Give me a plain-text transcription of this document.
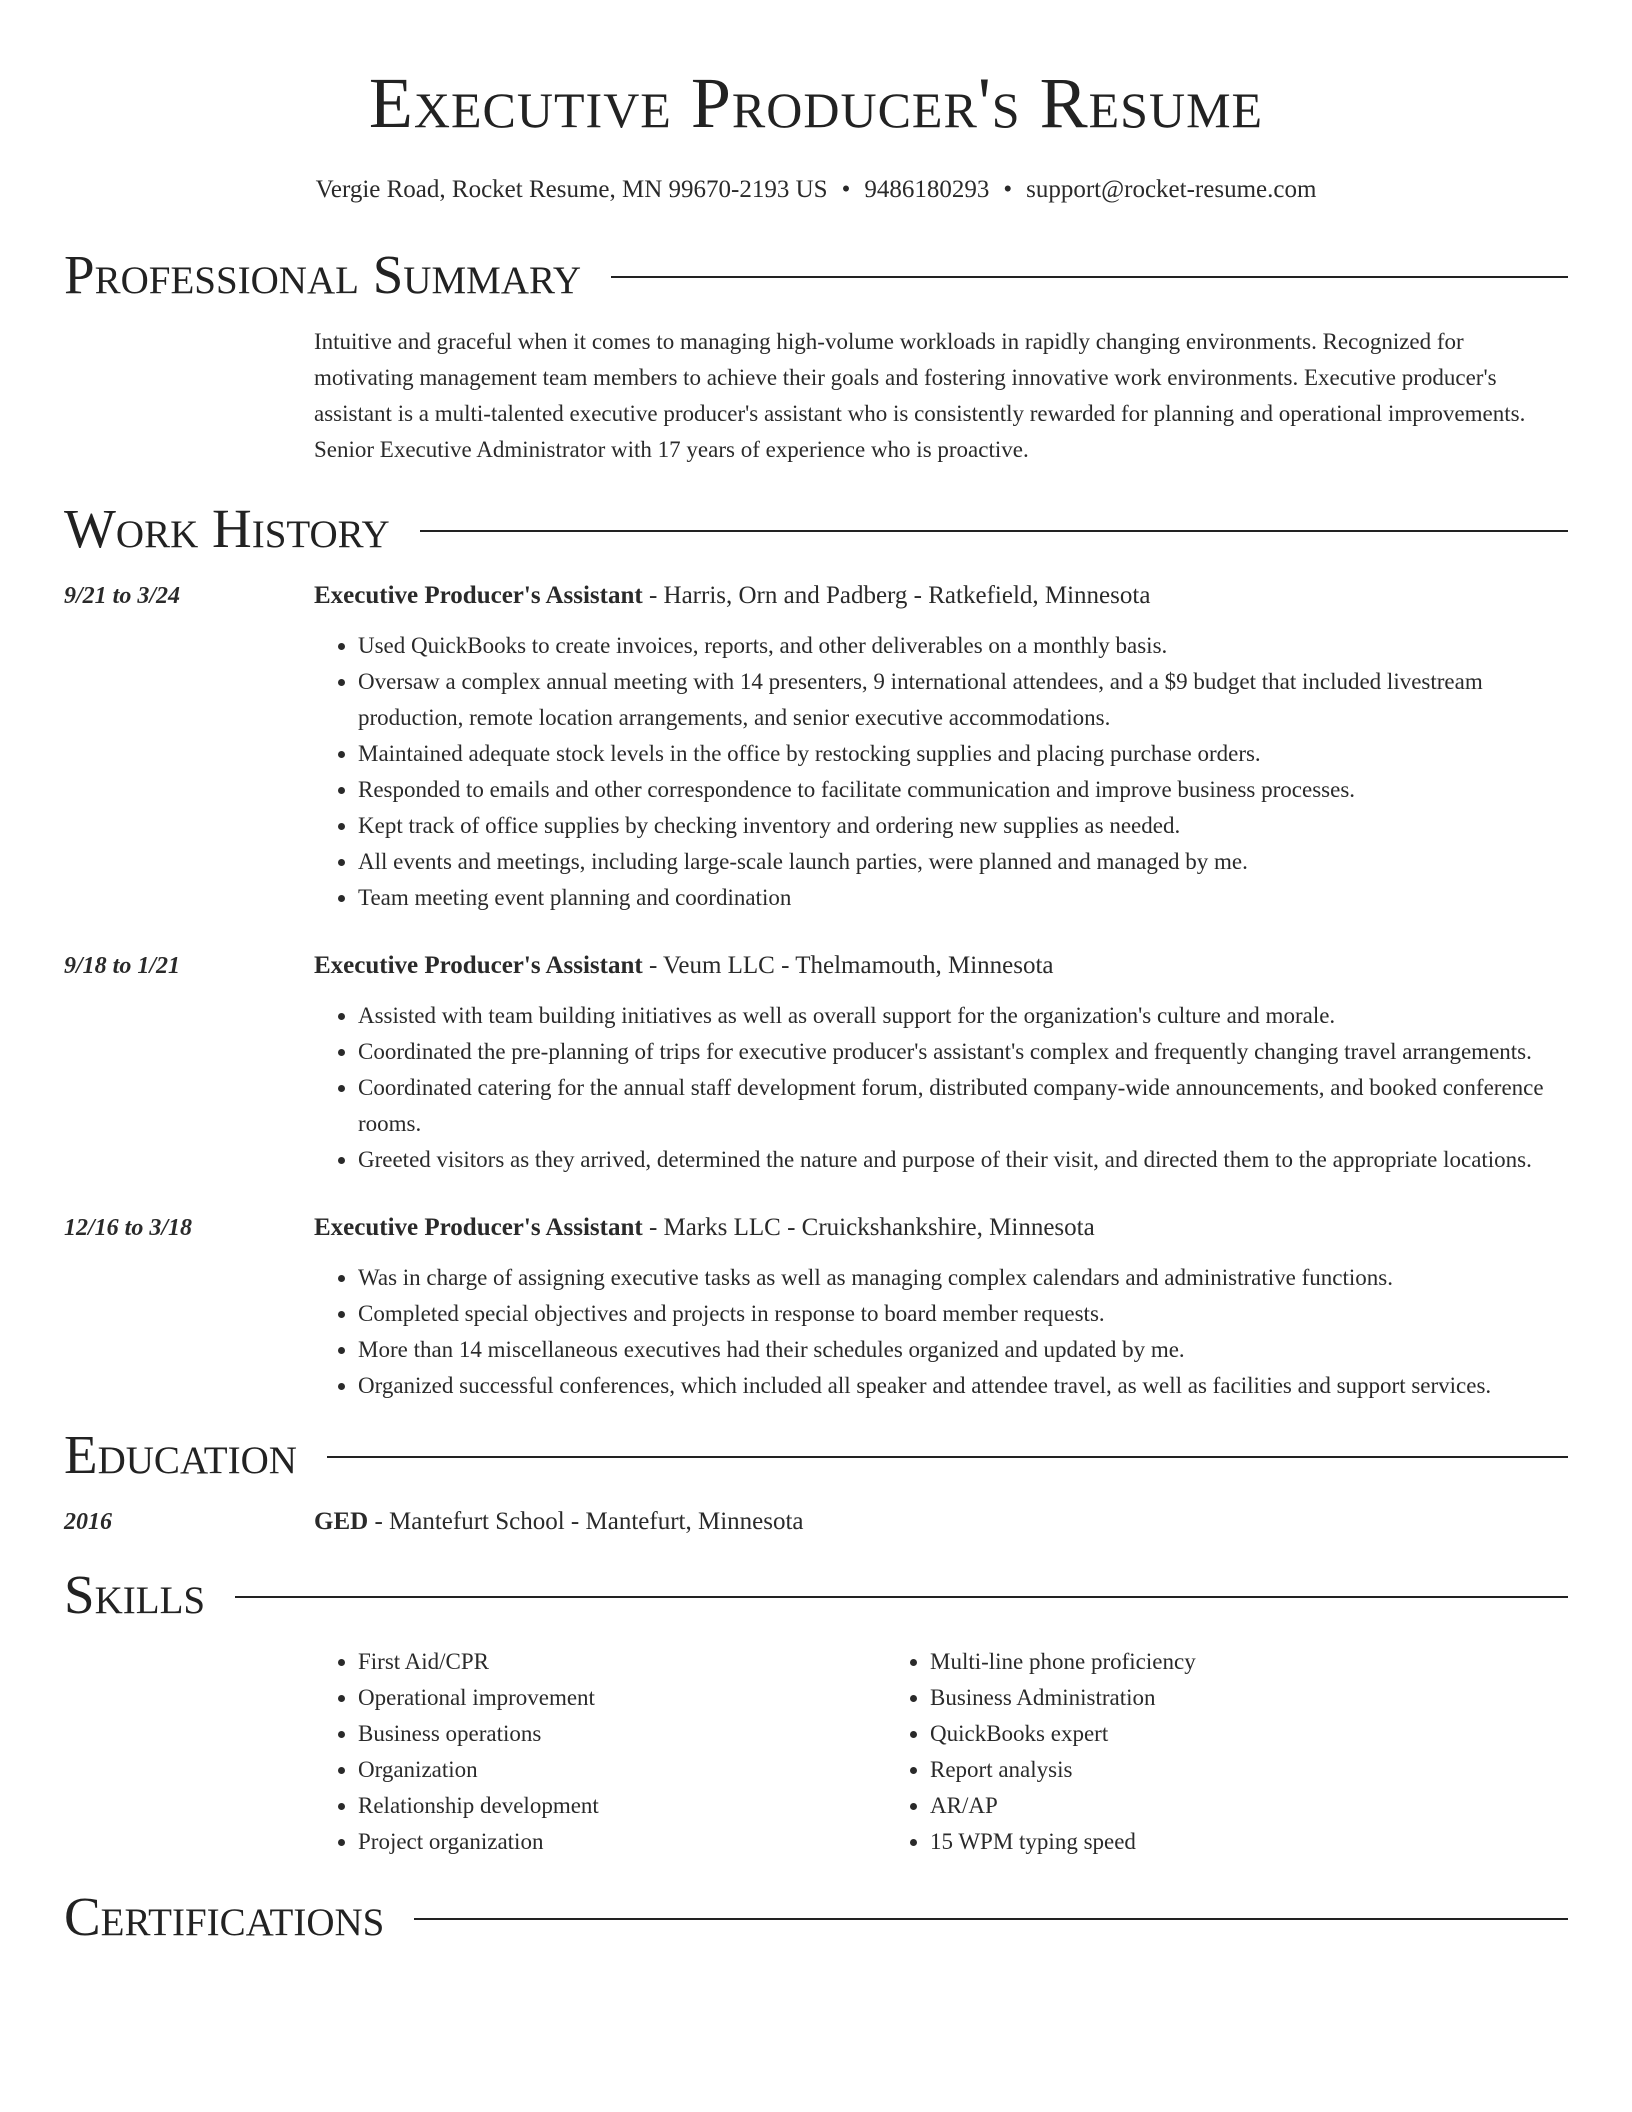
Executive Producer's Resume
Vergie Road, Rocket Resume, MN 99670-2193 US • 9486180293 • support@rocket-resume.com
Professional Summary
Intuitive and graceful when it comes to managing high-volume workloads in rapidly changing environments. Recognized for motivating management team members to achieve their goals and fostering innovative work environments. Executive producer's assistant is a multi-talented executive producer's assistant who is consistently rewarded for planning and operational improvements. Senior Executive Administrator with 17 years of experience who is proactive.
Work History
9/21 to 3/24	Executive Producer's Assistant - Harris, Orn and Padberg - Ratkefield, Minnesota
• Used QuickBooks to create invoices, reports, and other deliverables on a monthly basis.
• Oversaw a complex annual meeting with 14 presenters, 9 international attendees, and a $9 budget that included livestream production, remote location arrangements, and senior executive accommodations.
• Maintained adequate stock levels in the office by restocking supplies and placing purchase orders.
• Responded to emails and other correspondence to facilitate communication and improve business processes.
• Kept track of office supplies by checking inventory and ordering new supplies as needed.
• All events and meetings, including large-scale launch parties, were planned and managed by me.
• Team meeting event planning and coordination
9/18 to 1/21	Executive Producer's Assistant - Veum LLC - Thelmamouth, Minnesota
• Assisted with team building initiatives as well as overall support for the organization's culture and morale.
• Coordinated the pre-planning of trips for executive producer's assistant's complex and frequently changing travel arrangements.
• Coordinated catering for the annual staff development forum, distributed company-wide announcements, and booked conference rooms.
• Greeted visitors as they arrived, determined the nature and purpose of their visit, and directed them to the appropriate locations.
12/16 to 3/18	Executive Producer's Assistant - Marks LLC - Cruickshankshire, Minnesota
• Was in charge of assigning executive tasks as well as managing complex calendars and administrative functions.
• Completed special objectives and projects in response to board member requests.
• More than 14 miscellaneous executives had their schedules organized and updated by me.
• Organized successful conferences, which included all speaker and attendee travel, as well as facilities and support services.
Education
2016	GED - Mantefurt School - Mantefurt, Minnesota
Skills
• First Aid/CPR
• Operational improvement
• Business operations
• Organization
• Relationship development
• Project organization
• Multi-line phone proficiency
• Business Administration
• QuickBooks expert
• Report analysis
• AR/AP
• 15 WPM typing speed
Certifications
